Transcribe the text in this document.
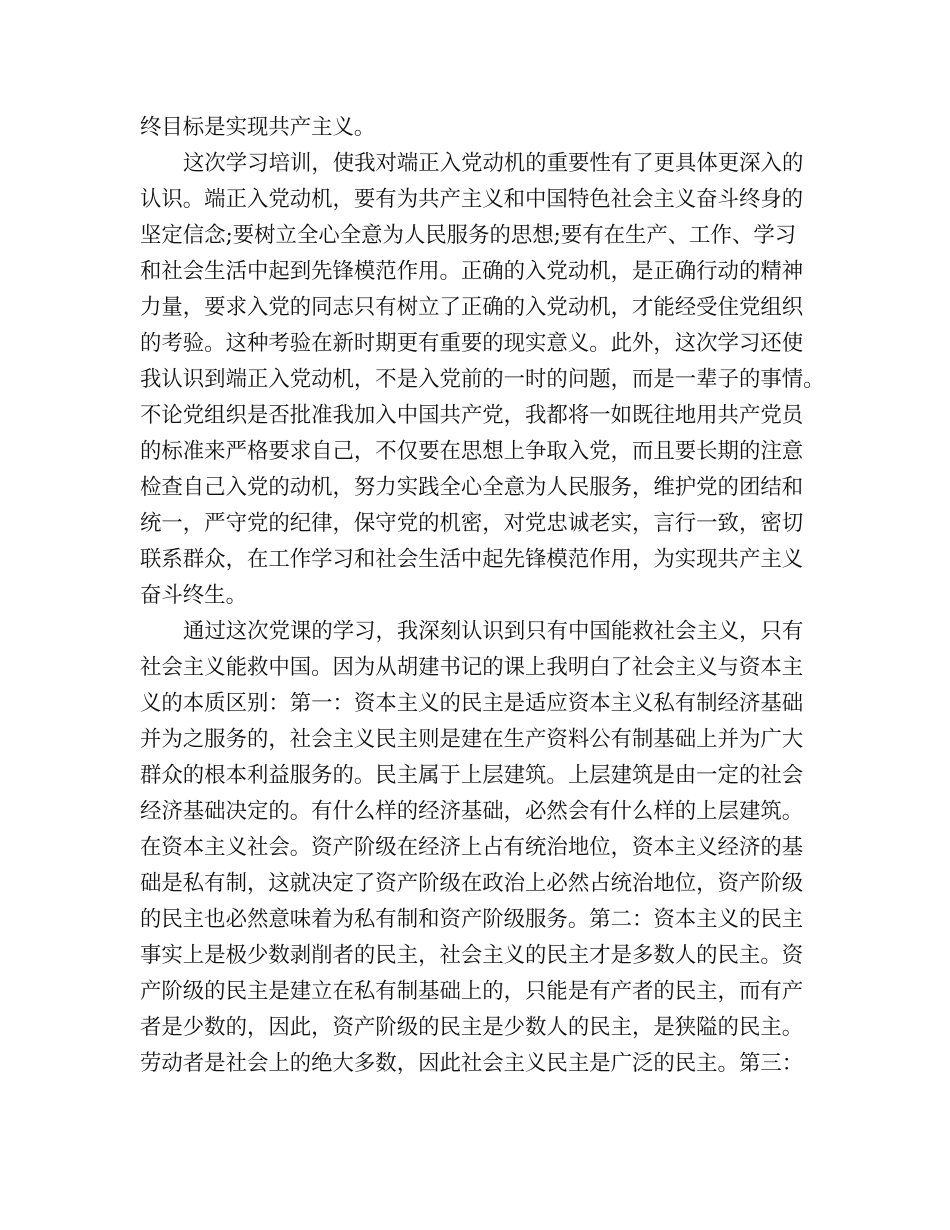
终目标是实现共产主义。
这次学习培训，使我对端正入党动机的重要性有了更具体更深入的
认识。端正入党动机，要有为共产主义和中国特色社会主义奋斗终身的
坚定信念;要树立全心全意为人民服务的思想;要有在生产、工作、学习
和社会生活中起到先锋模范作用。正确的入党动机，是正确行动的精神
力量，要求入党的同志只有树立了正确的入党动机，才能经受住党组织
的考验。这种考验在新时期更有重要的现实意义。此外，这次学习还使
我认识到端正入党动机，不是入党前的一时的问题，而是一辈子的事情。
不论党组织是否批准我加入中国共产党，我都将一如既往地用共产党员
的标准来严格要求自己，不仅要在思想上争取入党，而且要长期的注意
检查自己入党的动机，努力实践全心全意为人民服务，维护党的团结和
统一，严守党的纪律，保守党的机密，对党忠诚老实，言行一致，密切
联系群众，在工作学习和社会生活中起先锋模范作用，为实现共产主义
奋斗终生。
通过这次党课的学习，我深刻认识到只有中国能救社会主义，只有
社会主义能救中国。因为从胡建书记的课上我明白了社会主义与资本主
义的本质区别：第一：资本主义的民主是适应资本主义私有制经济基础
并为之服务的，社会主义民主则是建在生产资料公有制基础上并为广大
群众的根本利益服务的。民主属于上层建筑。上层建筑是由一定的社会
经济基础决定的。有什么样的经济基础，必然会有什么样的上层建筑。
在资本主义社会。资产阶级在经济上占有统治地位，资本主义经济的基
础是私有制，这就决定了资产阶级在政治上必然占统治地位，资产阶级
的民主也必然意味着为私有制和资产阶级服务。第二：资本主义的民主
事实上是极少数剥削者的民主，社会主义的民主才是多数人的民主。资
产阶级的民主是建立在私有制基础上的，只能是有产者的民主，而有产
者是少数的，因此，资产阶级的民主是少数人的民主，是狭隘的民主。
劳动者是社会上的绝大多数，因此社会主义民主是广泛的民主。第三：
